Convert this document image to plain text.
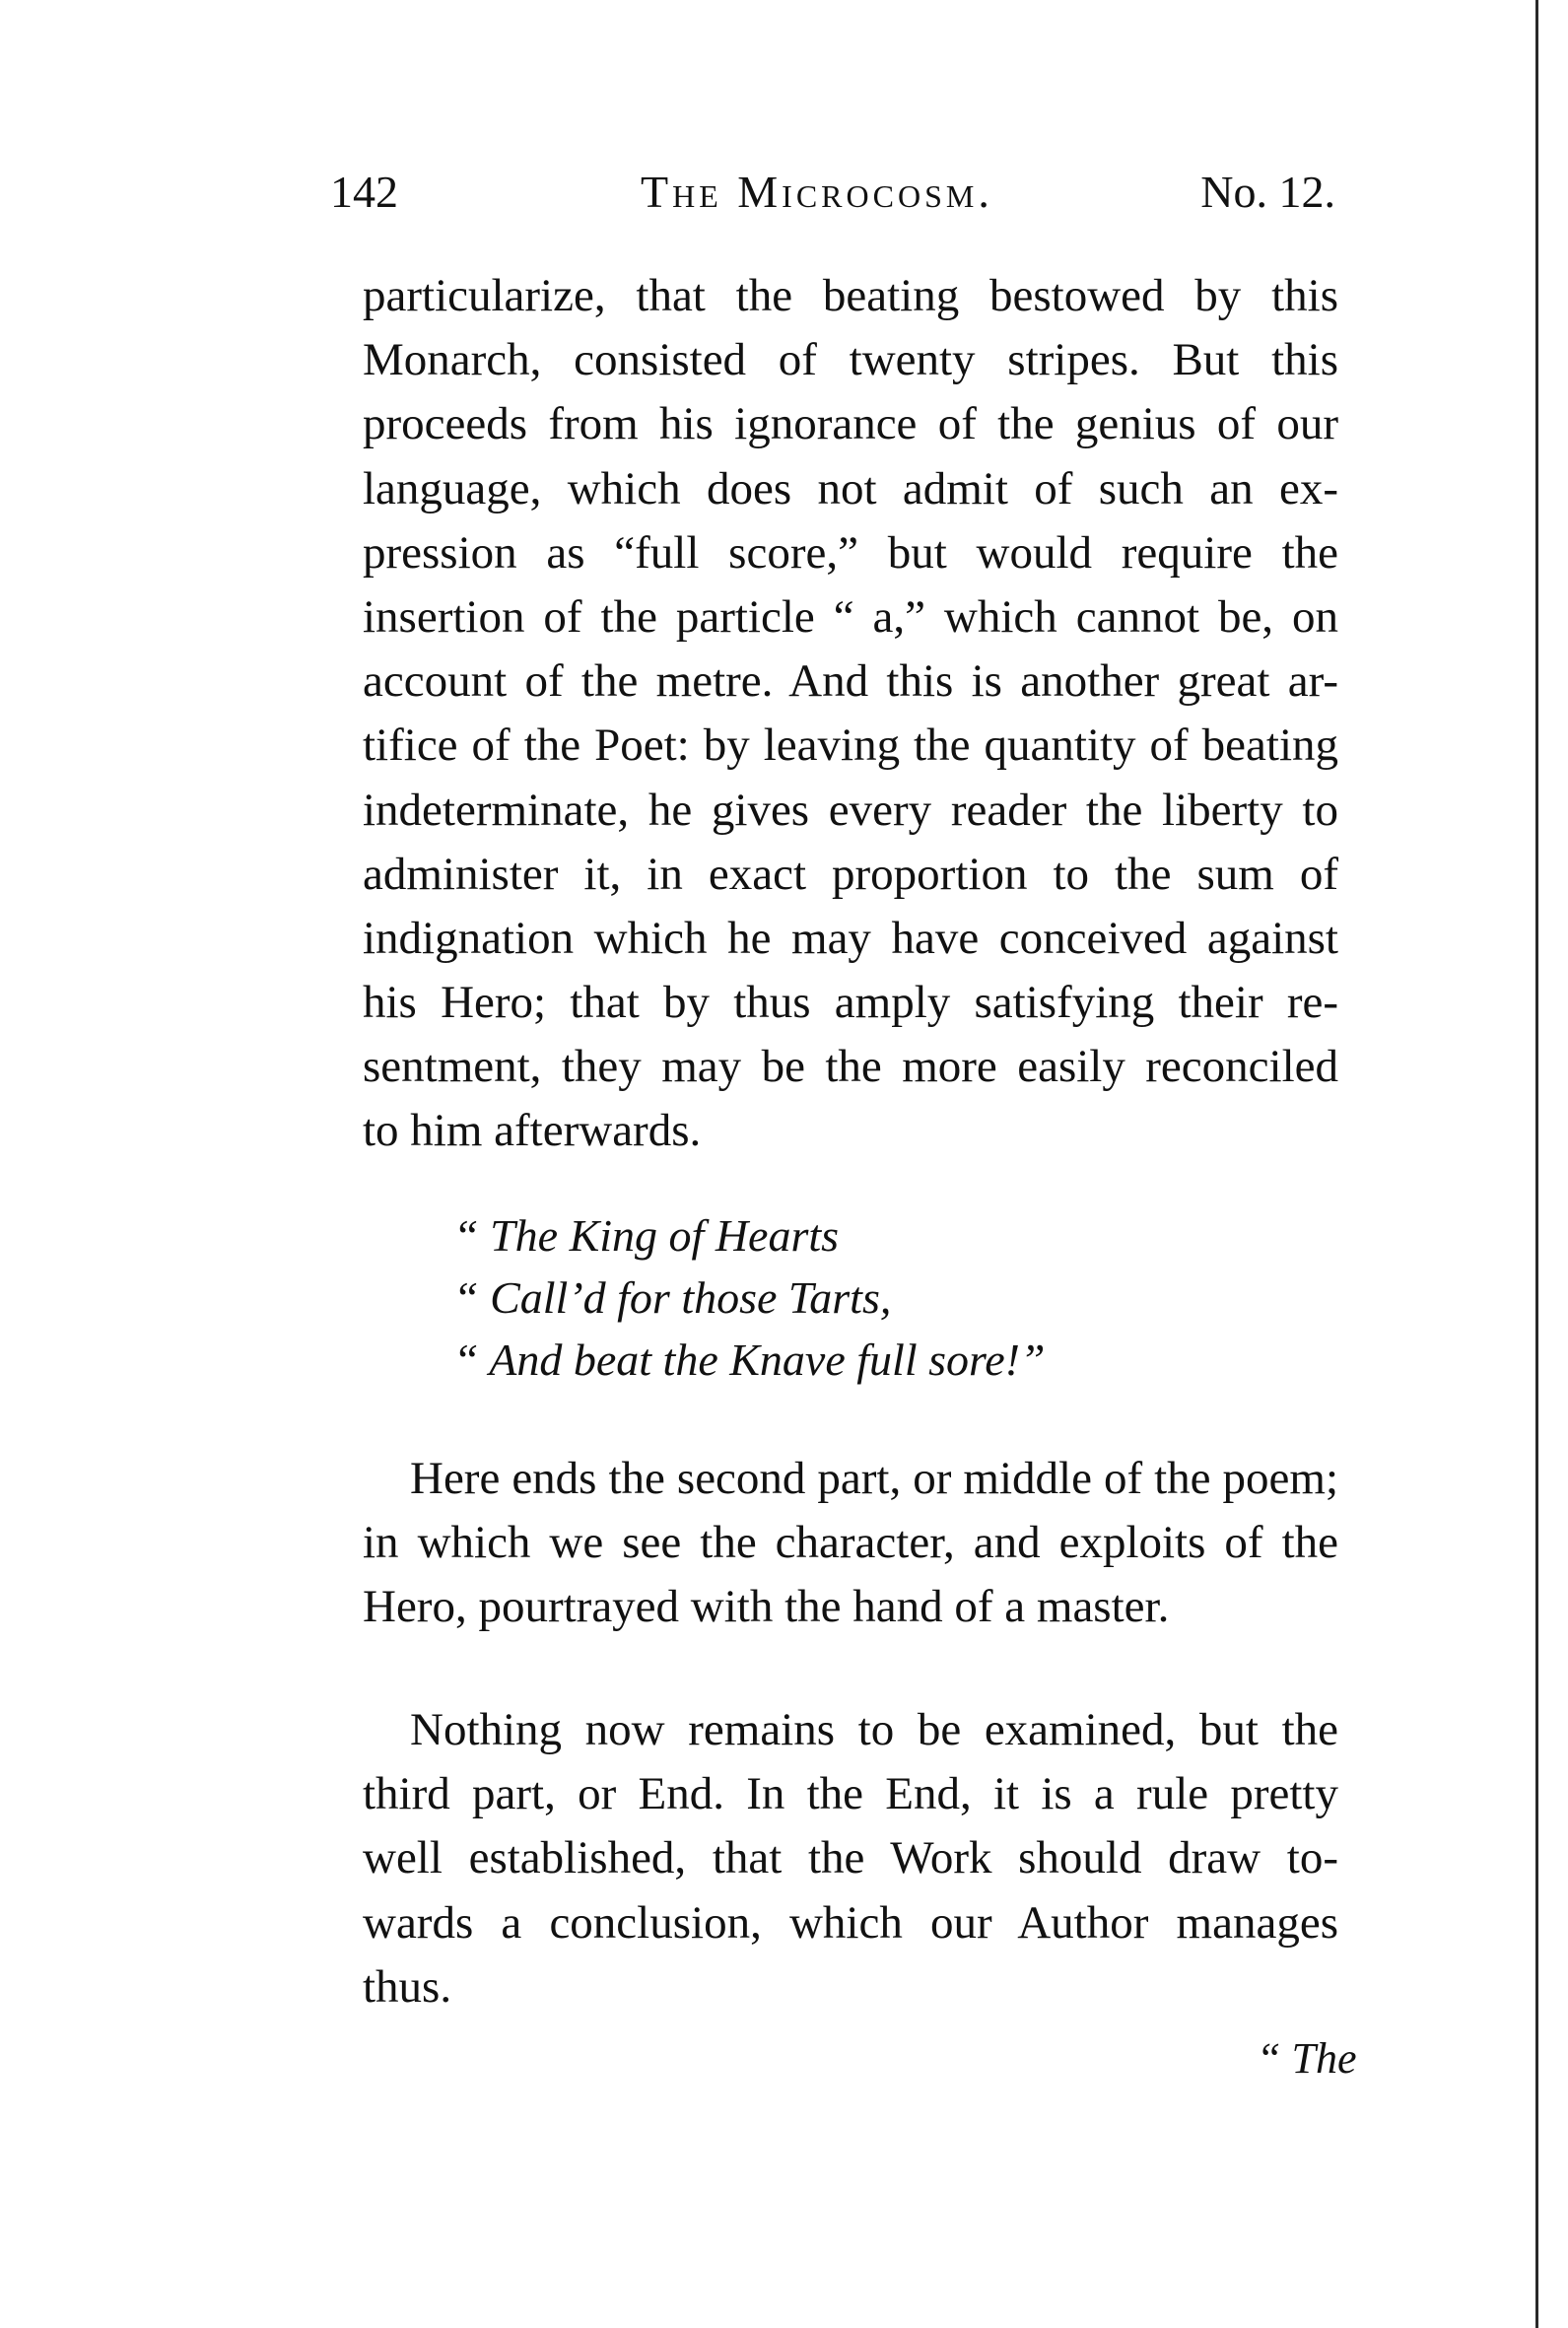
142	The Microcosm.	No. 12.
particularize, that the beating bestowed by this
Monarch, consisted of twenty stripes. But this
proceeds from his ignorance of the genius of our
language, which does not admit of such an ex-
pression as “full score,” but would require the
insertion of the particle “ a,” which cannot be, on
account of the metre. And this is another great ar-
tifice of the Poet: by leaving the quantity of beating
indeterminate, he gives every reader the liberty to
administer it, in exact proportion to the sum of
indignation which he may have conceived against
his Hero; that by thus amply satisfying their re-
sentment, they may be the more easily reconciled
to him afterwards.
“ The King of Hearts
“ Call’d for those Tarts,
“ And beat the Knave full sore!”
Here ends the second part, or middle of the poem;
in which we see the character, and exploits of the
Hero, pourtrayed with the hand of a master.
Nothing now remains to be examined, but the
third part, or End. In the End, it is a rule pretty
well established, that the Work should draw to-
wards a conclusion, which our Author manages
thus.
“ The
